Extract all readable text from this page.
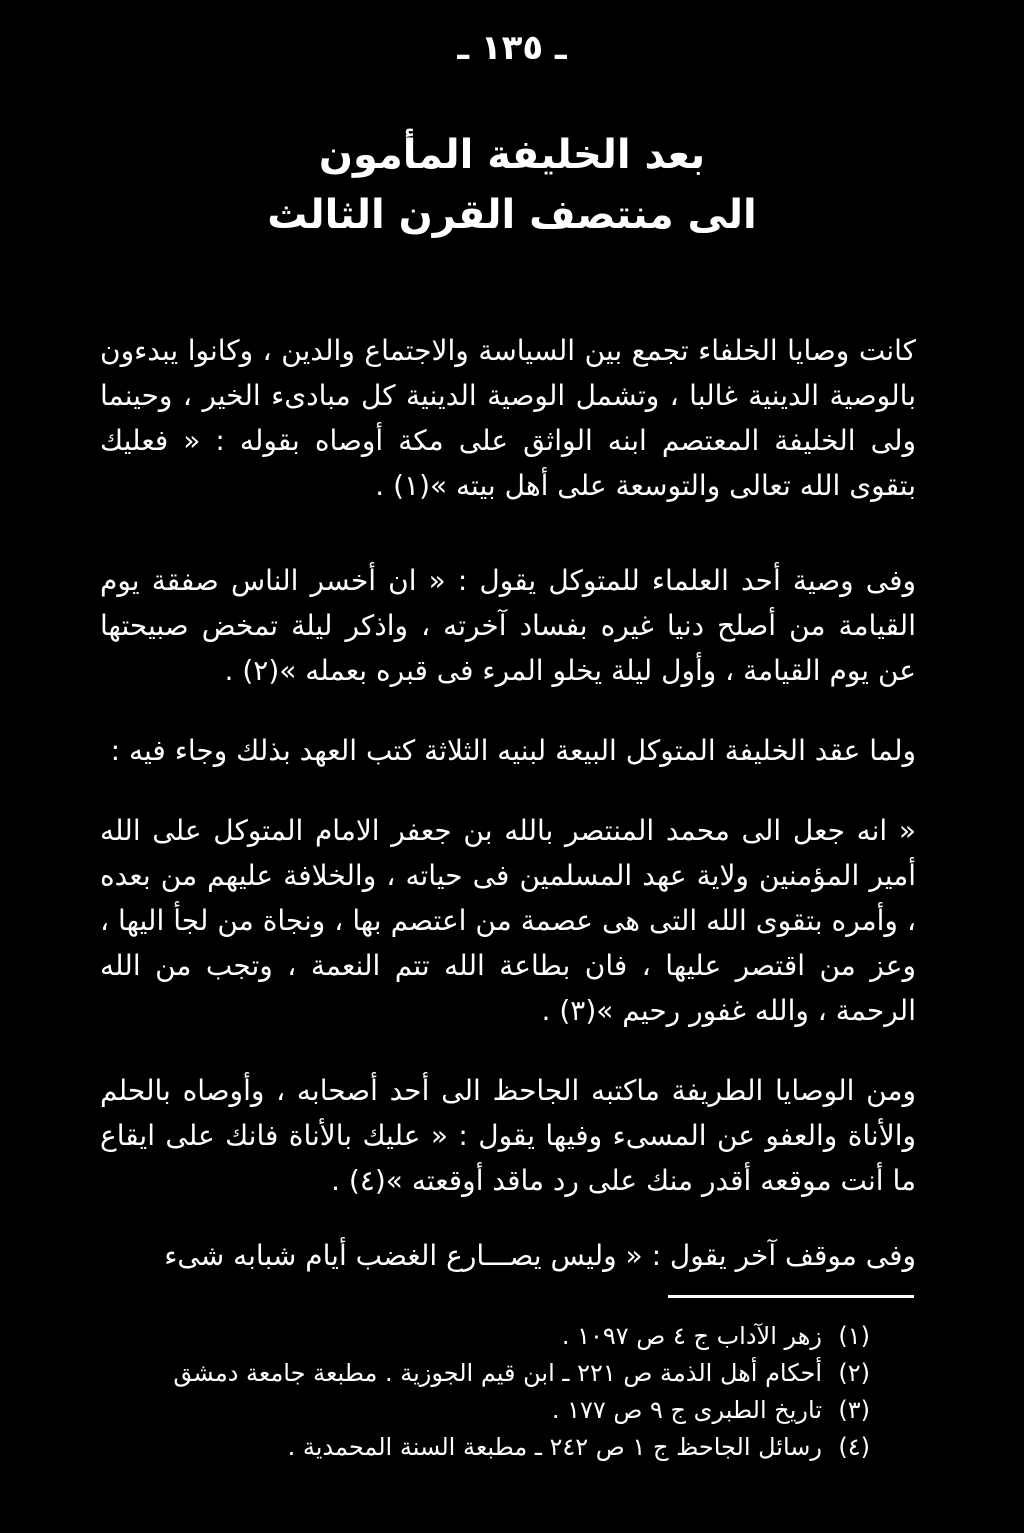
ـ ١٣٥ ـ
بعد الخليفة المأمون
الى منتصف القرن الثالث

كانت وصايا الخلفاء تجمع بين السياسة والاجتماع والدين ، وكانوا يبدءون بالوصية الدينية غالبا ، وتشمل الوصية الدينية كل مبادىء الخير ، وحينما ولى الخليفة المعتصم ابنه الواثق على مكة أوصاه بقوله : « فعليك بتقوى الله تعالى والتوسعة على أهل بيته »(١) .

وفى وصية أحد العلماء للمتوكل يقول : « ان أخسر الناس صفقة يوم القيامة من أصلح دنيا غيره بفساد آخرته ، واذكر ليلة تمخض صبيحتها عن يوم القيامة ، وأول ليلة يخلو المرء فى قبره بعمله »(٢) .

ولما عقد الخليفة المتوكل البيعة لبنيه الثلاثة كتب العهد بذلك وجاء فيه :

« انه جعل الى محمد المنتصر بالله بن جعفر الامام المتوكل على الله أمير المؤمنين ولاية عهد المسلمين فى حياته ، والخلافة عليهم من بعده ، وأمره بتقوى الله التى هى عصمة من اعتصم بها ، ونجاة من لجأ اليها ، وعز من اقتصر عليها ، فان بطاعة الله تتم النعمة ، وتجب من الله الرحمة ، والله غفور رحيم »(٣) .

ومن الوصايا الطريفة ماكتبه الجاحظ الى أحد أصحابه ، وأوصاه بالحلم والأناة والعفو عن المسىء وفيها يقول : « عليك بالأناة فانك على ايقاع ما أنت موقعه أقدر منك على رد ماقد أوقعته »(٤) .

وفى موقف آخر يقول : « وليس يصـــارع الغضب أيام شبابه شىء

(١)
زهر الآداب ج ٤ ص ١٠٩٧ .
(٢)
أحكام أهل الذمة ص ٢٢١ ـ ابن قيم الجوزية . مطبعة جامعة دمشق
(٣)
تاريخ الطبرى ج ٩ ص ١٧٧ .
(٤)
رسائل الجاحظ ج ١ ص ٢٤٢ ـ مطبعة السنة المحمدية .
